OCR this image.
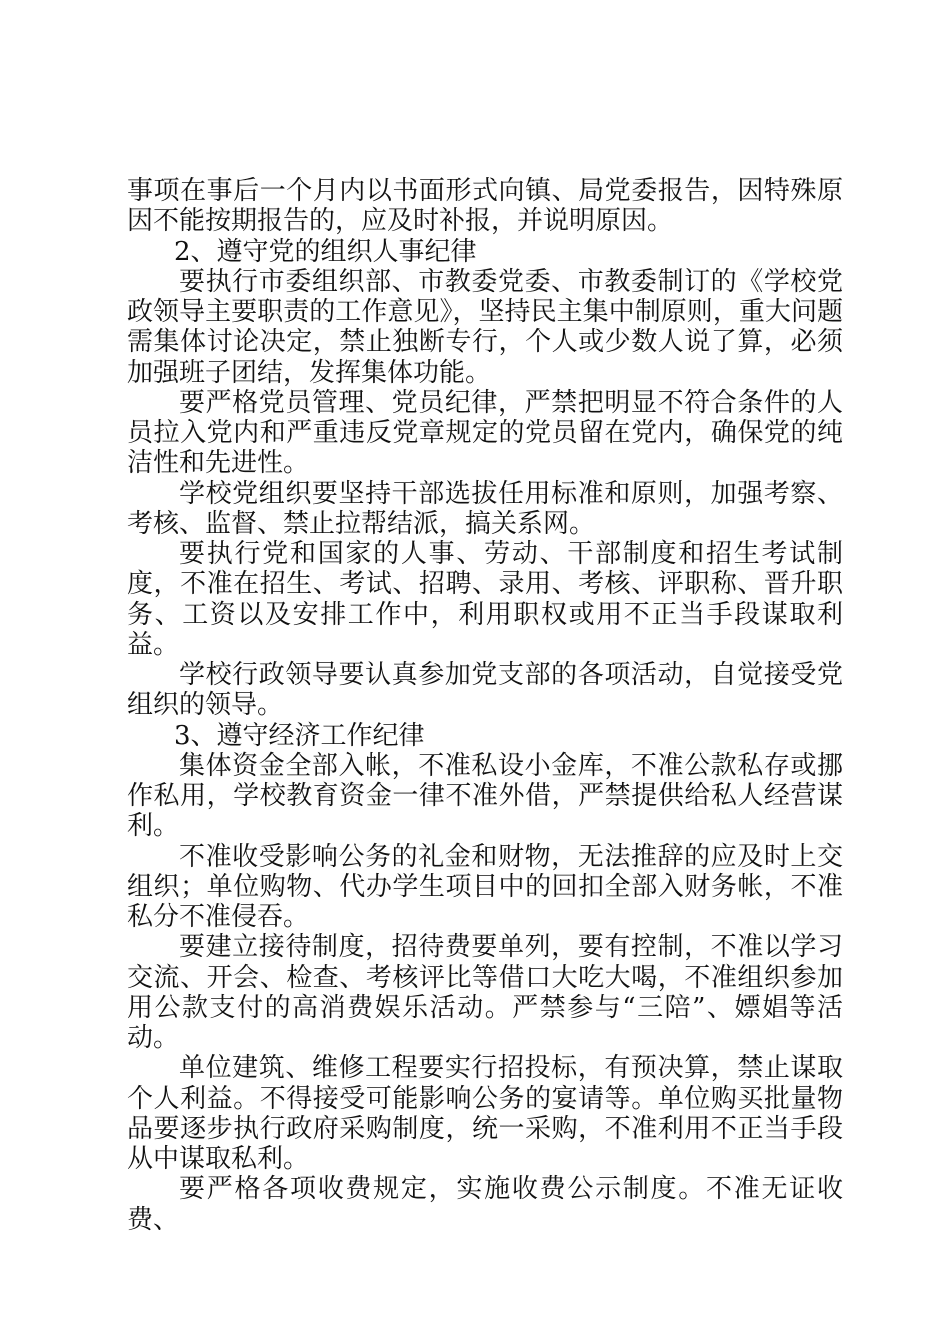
事项在事后一个月内以书面形式向镇、局党委报告，因特殊原因不能按期报告的，应及时补报，并说明原因。

2、遵守党的组织人事纪律

要执行市委组织部、市教委党委、市教委制订的《学校党政领导主要职责的工作意见》，坚持民主集中制原则，重大问题需集体讨论决定，禁止独断专行，个人或少数人说了算，必须加强班子团结，发挥集体功能。

要严格党员管理、党员纪律，严禁把明显不符合条件的人员拉入党内和严重违反党章规定的党员留在党内，确保党的纯洁性和先进性。

学校党组织要坚持干部选拔任用标准和原则，加强考察、考核、监督、禁止拉帮结派，搞关系网。

要执行党和国家的人事、劳动、干部制度和招生考试制度，不准在招生、考试、招聘、录用、考核、评职称、晋升职务、工资以及安排工作中，利用职权或用不正当手段谋取利益。

学校行政领导要认真参加党支部的各项活动，自觉接受党组织的领导。

3、遵守经济工作纪律

集体资金全部入帐，不准私设小金库，不准公款私存或挪作私用，学校教育资金一律不准外借，严禁提供给私人经营谋利。

不准收受影响公务的礼金和财物，无法推辞的应及时上交组织；单位购物、代办学生项目中的回扣全部入财务帐，不准私分不准侵吞。

要建立接待制度，招待费要单列，要有控制，不准以学习交流、开会、检查、考核评比等借口大吃大喝，不准组织参加用公款支付的高消费娱乐活动。严禁参与“三陪”、嫖娼等活动。

单位建筑、维修工程要实行招投标，有预决算，禁止谋取个人利益。不得接受可能影响公务的宴请等。单位购买批量物品要逐步执行政府采购制度，统一采购，不准利用不正当手段从中谋取私利。

要严格各项收费规定，实施收费公示制度。不准无证收费、
